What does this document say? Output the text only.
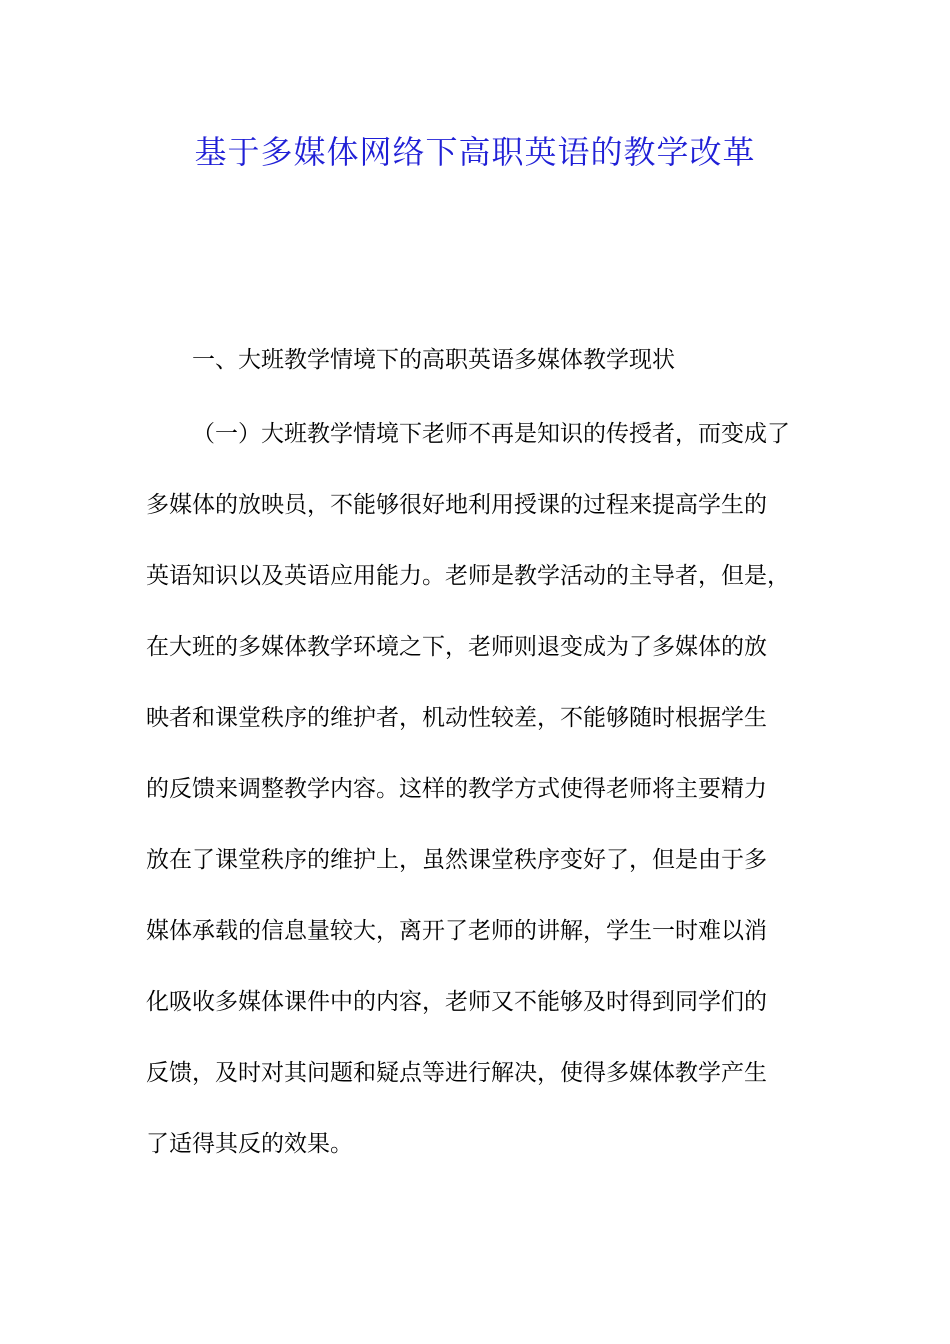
基于多媒体网络下高职英语的教学改革

一、大班教学情境下的高职英语多媒体教学现状

（一）大班教学情境下老师不再是知识的传授者，而变成了
多媒体的放映员，不能够很好地利用授课的过程来提高学生的
英语知识以及英语应用能力。老师是教学活动的主导者，但是，
在大班的多媒体教学环境之下，老师则退变成为了多媒体的放
映者和课堂秩序的维护者，机动性较差，不能够随时根据学生
的反馈来调整教学内容。这样的教学方式使得老师将主要精力
放在了课堂秩序的维护上，虽然课堂秩序变好了，但是由于多
媒体承载的信息量较大，离开了老师的讲解，学生一时难以消
化吸收多媒体课件中的内容，老师又不能够及时得到同学们的
反馈，及时对其问题和疑点等进行解决，使得多媒体教学产生
了适得其反的效果。
